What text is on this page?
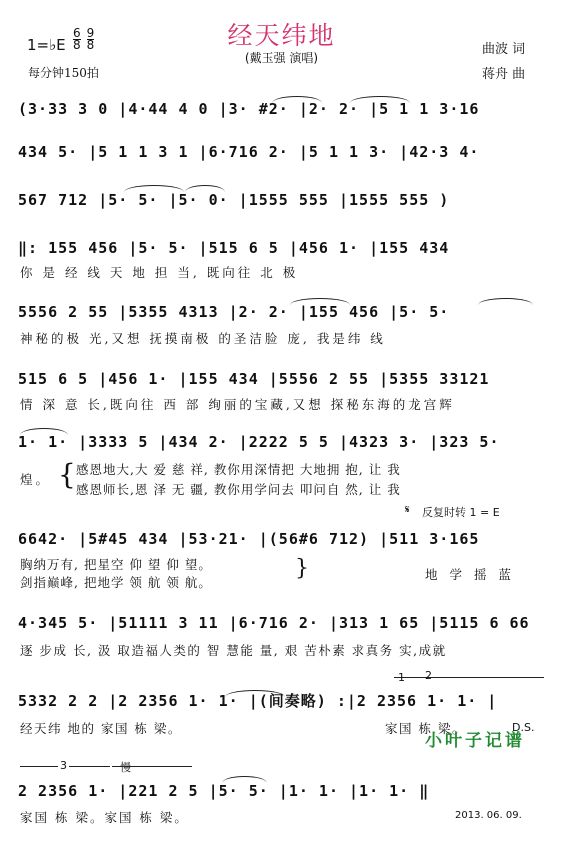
经天纬地
(戴玉强 演唱)
1=♭E
6
8
9
8
每分钟150拍
曲波 词
蒋舟 曲
(3·33 3 0 |4·44 4 0 |3· #2· |2· 2· |5 1 1 3·16
434 5· |5 1 1 3 1 |6·716 2· |5 1 1 3· |42·3 4·
567 712 |5· 5· |5· 0· |1555 555 |1555 555 )
‖: 155 456 |5· 5· |515 6 5 |456 1· |155 434
5556 2 55 |5355 4313 |2· 2· |155 456 |5· 5·
515 6 5 |456 1· |155 434 |5556 2 55 |5355 33121
1· 1· |3333 5 |434 2· |2222 5 5 |4323 3· |323 5·
6642· |5#45 434 |53·21· |(56#6 712) |511 3·165
4·345 5· |51111 3 11 |6·716 2· |313 1 65 |5115 6 66
5332 2 2 |2 2356 1· 1· |(间奏略) :|2 2356 1· 1· |
2 2356 1· |221 2 5 |5· 5· |1· 1· |1· 1· ‖
你 是 经 线 天 地 担 当, 既向往 北 极
神秘的极 光,又想 抚摸南极 的圣洁脸 庞, 我是纬 线
情 深 意 长,既向往 西 部 绚丽的宝藏,又想 探秘东海的龙宫辉
煌。 { 感恩地大,大 爱 慈 祥, 教你用深情把 大地拥 抱, 让 我
感恩师长,恩 泽 无 疆, 教你用学问去 叩问自 然, 让 我
𝄋 反复时转 1 = E
胸纳万有, 把星空 仰 望 仰 望。
剑指巅峰, 把地学 领 航 领 航。
}	地 学 摇 蓝
逐 步成 长, 汲 取造福人类的 智 慧能 量, 艰 苦朴素 求真务 实,成就
1 2
经天纬 地的 家国 栋 梁。	家国 栋 梁。	D.S.
3	慢
家国 栋 梁。家国 栋 梁。
小叶子记谱
2013. 06. 09.
